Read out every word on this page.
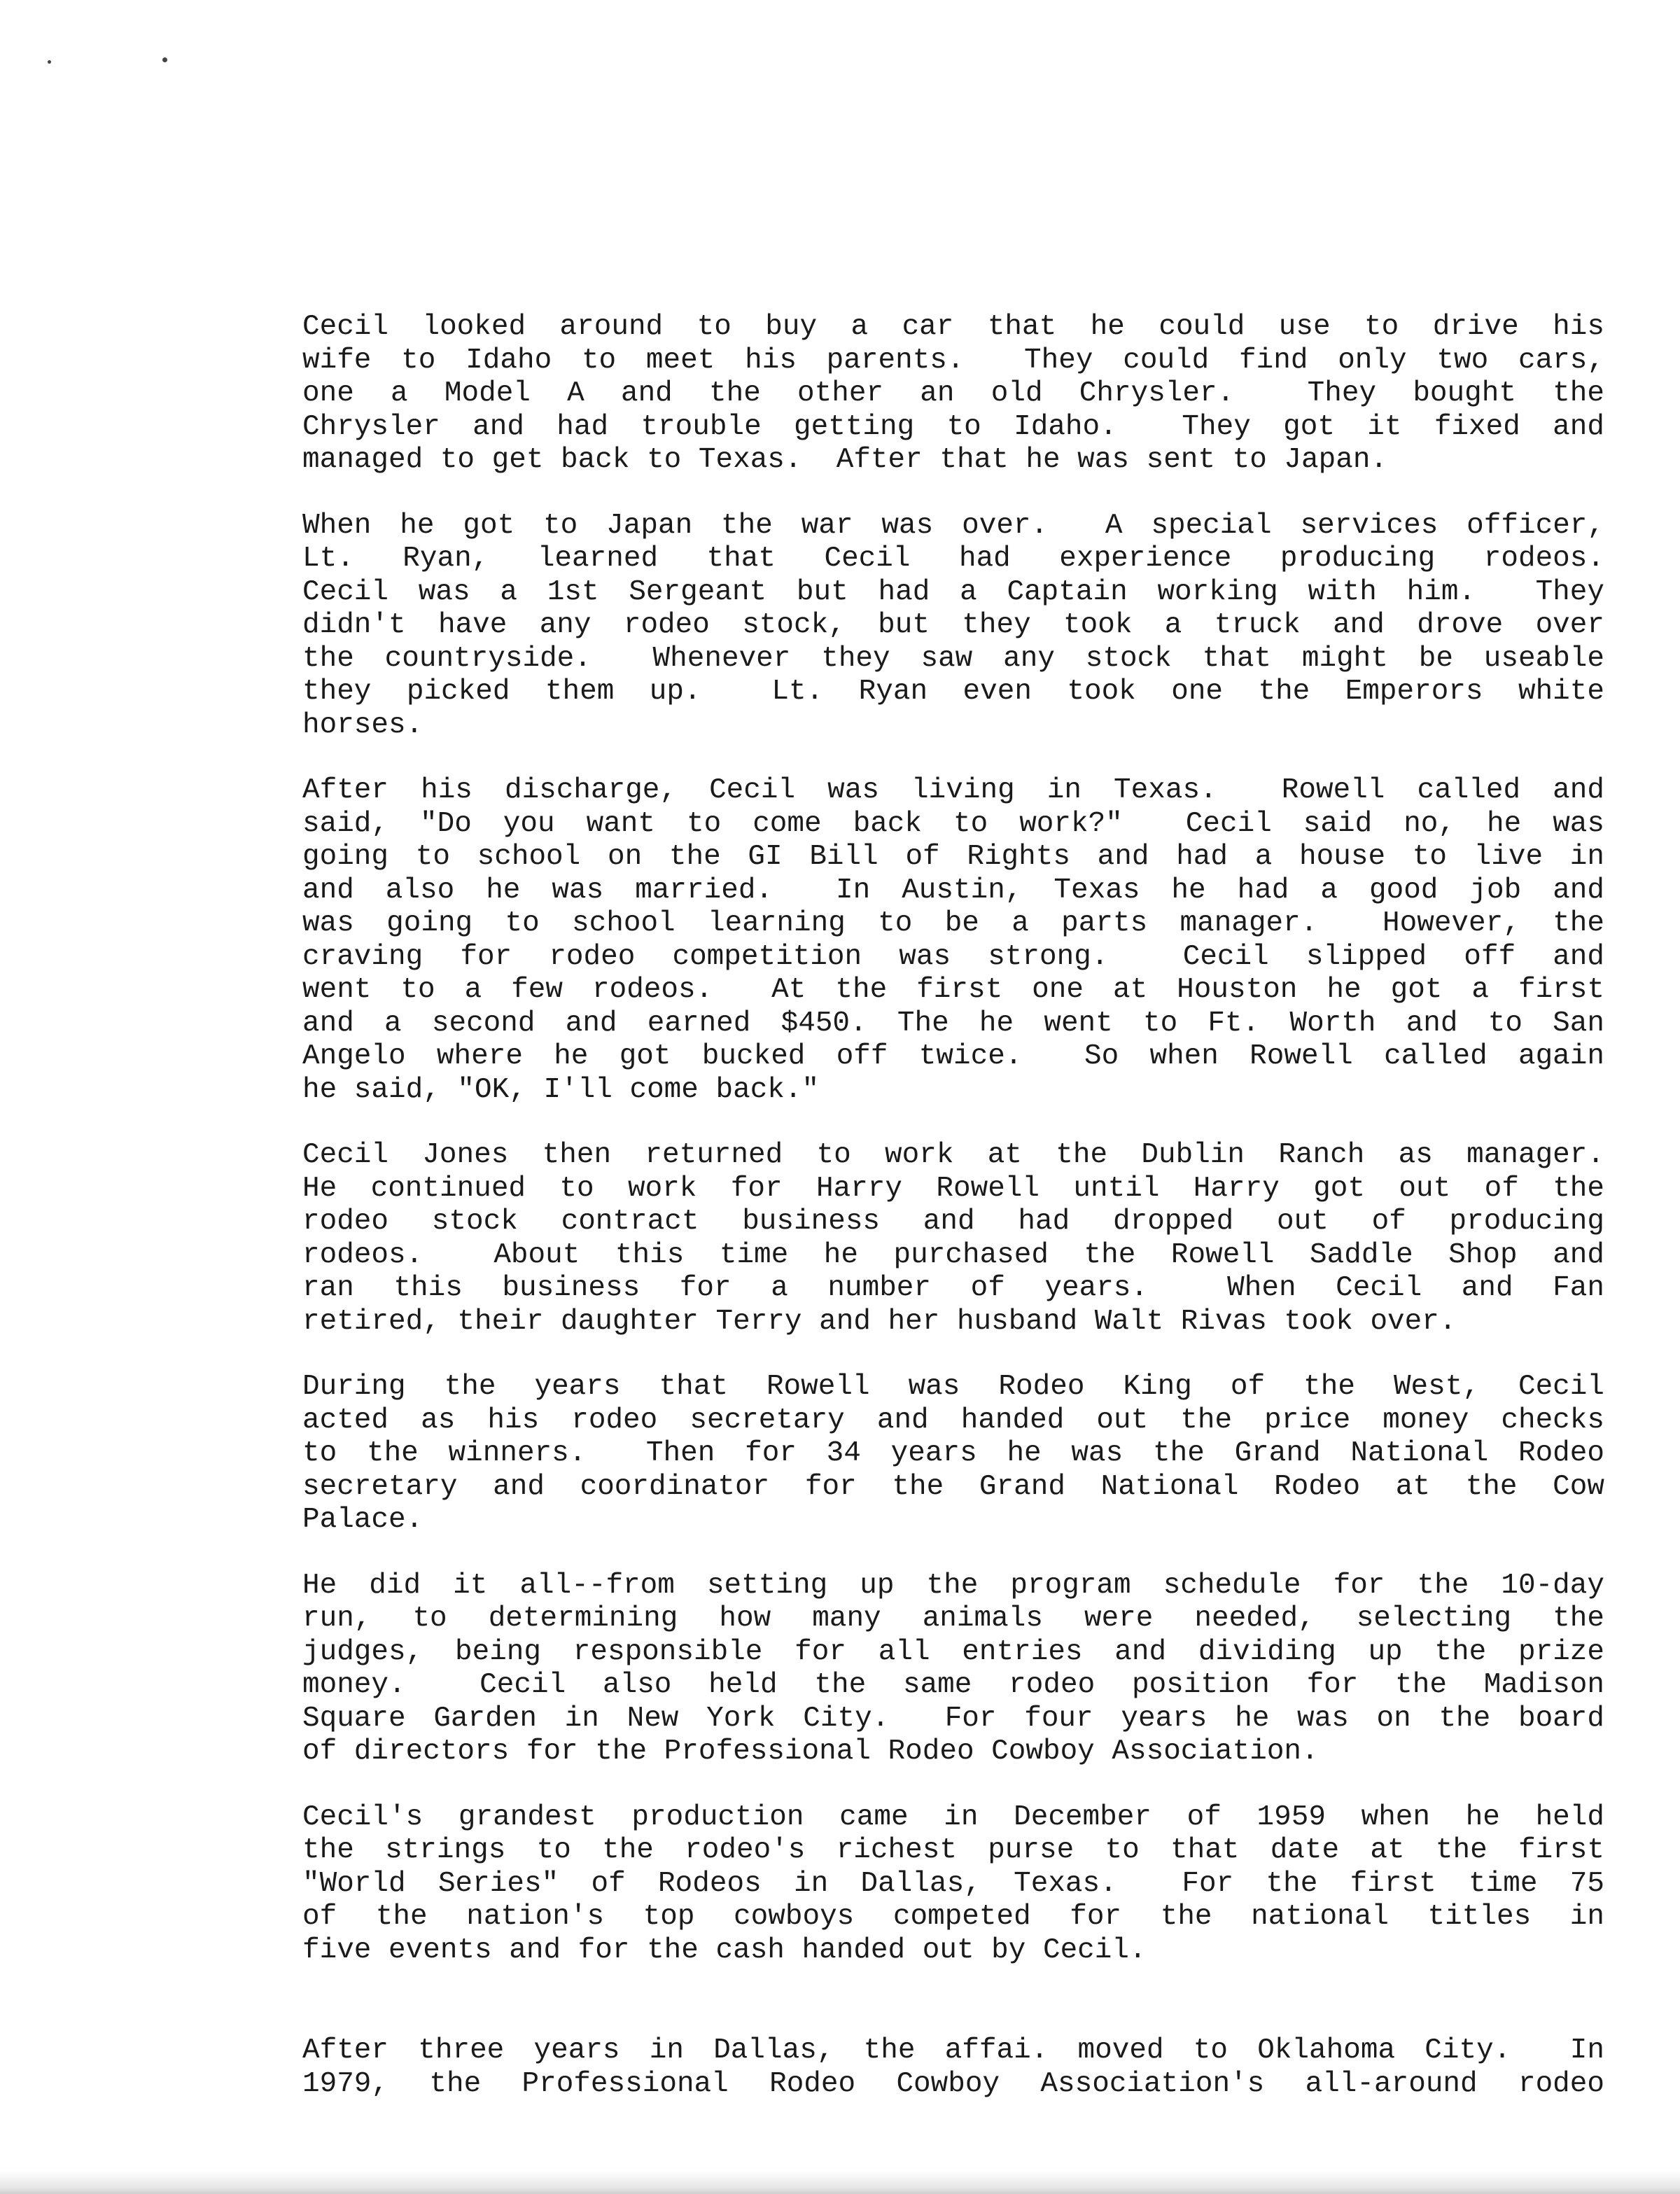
Cecil looked around to buy a car that he could use to drive his
wife to Idaho to meet his parents.  They could find only two cars,
one a Model A and the other an old Chrysler.  They bought the
Chrysler and had trouble getting to Idaho.  They got it fixed and
managed to get back to Texas.  After that he was sent to Japan.

When he got to Japan the war was over.  A special services officer,
Lt. Ryan, learned that Cecil had experience producing rodeos.
Cecil was a 1st Sergeant but had a Captain working with him.  They
didn't have any rodeo stock, but they took a truck and drove over
the countryside.  Whenever they saw any stock that might be useable
they picked them up.  Lt. Ryan even took one the Emperors white
horses.

After his discharge, Cecil was living in Texas.  Rowell called and
said, "Do you want to come back to work?"  Cecil said no, he was
going to school on the GI Bill of Rights and had a house to live in
and also he was married.  In Austin, Texas he had a good job and
was going to school learning to be a parts manager.  However, the
craving for rodeo competition was strong.  Cecil slipped off and
went to a few rodeos.  At the first one at Houston he got a first
and a second and earned $450. The he went to Ft. Worth and to San
Angelo where he got bucked off twice.  So when Rowell called again
he said, "OK, I'll come back."

Cecil Jones then returned to work at the Dublin Ranch as manager.
He continued to work for Harry Rowell until Harry got out of the
rodeo stock contract business and had dropped out of producing
rodeos.  About this time he purchased the Rowell Saddle Shop and
ran this business for a number of years.  When Cecil and Fan
retired, their daughter Terry and her husband Walt Rivas took over.

During the years that Rowell was Rodeo King of the West, Cecil
acted as his rodeo secretary and handed out the price money checks
to the winners.  Then for 34 years he was the Grand National Rodeo
secretary and coordinator for the Grand National Rodeo at the Cow
Palace.

He did it all--from setting up the program schedule for the 10-day
run, to determining how many animals were needed, selecting the
judges, being responsible for all entries and dividing up the prize
money.  Cecil also held the same rodeo position for the Madison
Square Garden in New York City.  For four years he was on the board
of directors for the Professional Rodeo Cowboy Association.

Cecil's grandest production came in December of 1959 when he held
the strings to the rodeo's richest purse to that date at the first
"World Series" of Rodeos in Dallas, Texas.  For the first time 75
of the nation's top cowboys competed for the national titles in
five events and for the cash handed out by Cecil.

After three years in Dallas, the affai. moved to Oklahoma City.  In
1979, the Professional Rodeo Cowboy Association's all-around rodeo
